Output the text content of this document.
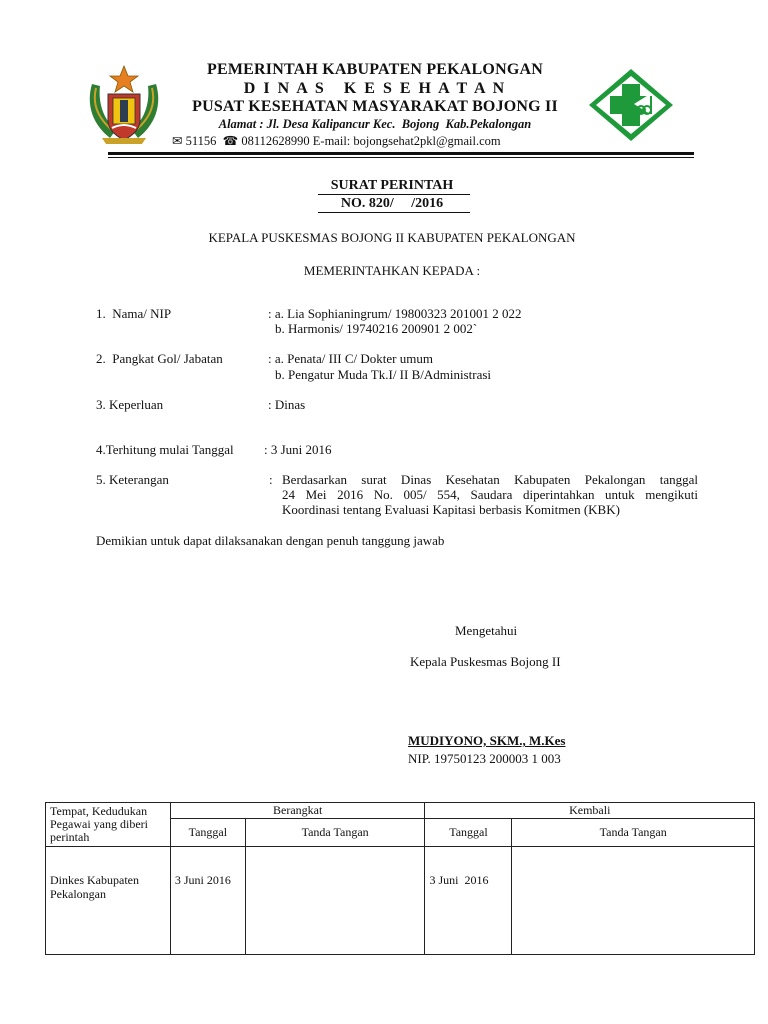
PEMERINTAH KABUPATEN PEKALONGAN
D I N A S   K E S E H A T A N
PUSAT KESEHATAN MASYARAKAT BOJONG II
Alamat : Jl. Desa Kalipancur Kec.  Bojong  Kab.Pekalongan
✉ 51156 ☎ 08112628990 E-mail: bojongsehat2pkl@gmail.com
SURAT PERINTAH
NO. 820/     /2016
KEPALA PUSKESMAS BOJONG II KABUPATEN PEKALONGAN
MEMERINTAHKAN KEPADA :
1.  Nama/ NIP	: a. Lia Sophianingrum/ 19800323 201001 2 022
b. Harmonis/ 19740216 200901 2 002`
2.  Pangkat Gol/ Jabatan	: a. Penata/ III C/ Dokter umum
b. Pengatur Muda Tk.I/ II B/Administrasi
3. Keperluan	: Dinas
4.Terhitung mulai Tanggal : 3 Juni 2016
5. Keterangan	: Berdasarkan surat Dinas Kesehatan Kabupaten Pekalongan tanggal
24 Mei 2016 No. 005/ 554, Saudara diperintahkan untuk mengikuti
Koordinasi tentang Evaluasi Kapitasi berbasis Komitmen (KBK)
Demikian untuk dapat dilaksanakan dengan penuh tanggung jawab
Mengetahui
Kepala Puskesmas Bojong II
MUDIYONO, SKM., M.Kes
NIP. 19750123 200003 1 003
Tempat, Kedudukan Pegawai yang diberi perintah	Berangkat		Kembali	
	Tanggal	Tanda Tangan	Tanggal	Tanda Tangan
Dinkes Kabupaten Pekalongan	3 Juni 2016		3 Juni  2016	
